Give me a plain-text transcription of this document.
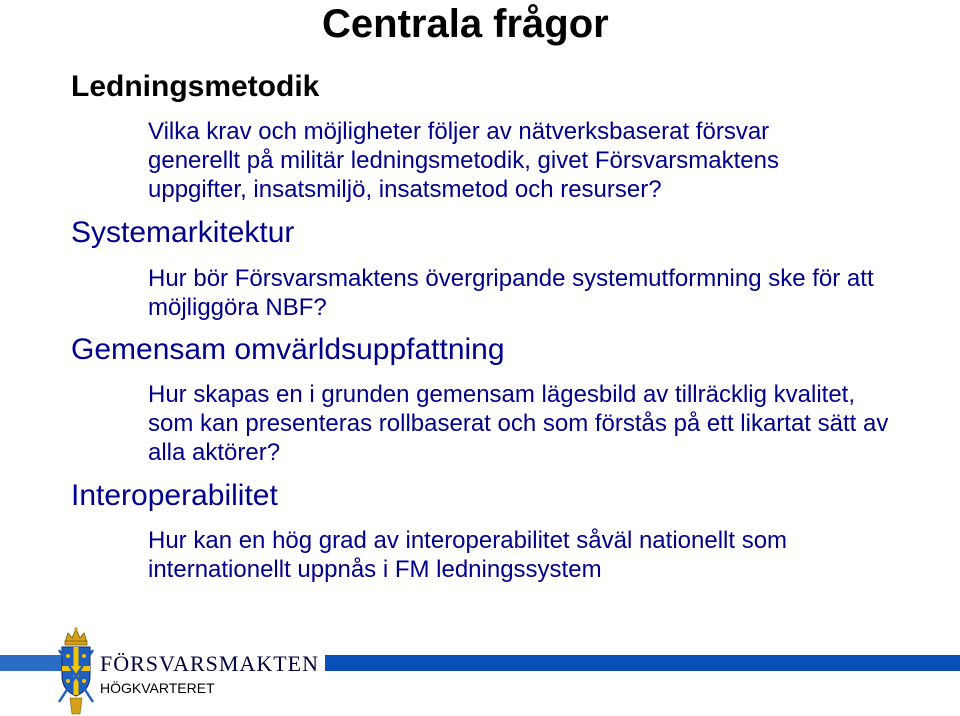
Centrala frågor
Ledningsmetodik
Vilka krav och möjligheter följer av nätverksbaserat försvar
generellt på militär ledningsmetodik, givet Försvarsmaktens
uppgifter, insatsmiljö, insatsmetod och resurser?
Systemarkitektur
Hur bör Försvarsmaktens övergripande systemutformning ske för att
möjliggöra NBF?
Gemensam omvärldsuppfattning
Hur skapas en i grunden gemensam lägesbild av tillräcklig kvalitet,
som kan presenteras rollbaserat och som förstås på ett likartat sätt av
alla aktörer?
Interoperabilitet
Hur kan en hög grad av interoperabilitet såväl nationellt som
internationellt uppnås i FM ledningssystem
FÖRSVARSMAKTEN
HÖGKVARTERET
